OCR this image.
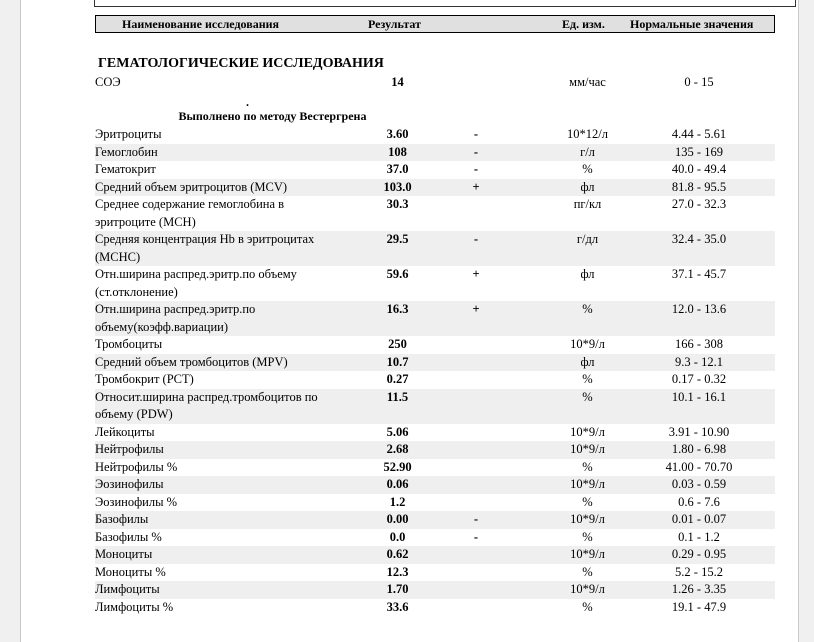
Наименование исследования	Результат	Ед. изм. Нормальные значения
ГЕМАТОЛОГИЧЕСКИЕ ИССЛЕДОВАНИЯ
СОЭ	14	мм/час	0 - 15
.
Выполнено по методу Вестергрена
Эритроциты	3.60	-	10*12/л	4.44 - 5.61
Гемоглобин	108	-	г/л	135 - 169
Гематокрит	37.0	-	%	40.0 - 49.4
Средний объем эритроцитов (MCV)	103.0	+	фл	81.8 - 95.5
Среднее содержание гемоглобина в эритроците (MCH)
30.3	пг/кл	27.0 - 32.3
Средняя концентрация Hb в эритроцитах (MCHC)
29.5	-	г/дл	32.4 - 35.0
Отн.ширина распред.эритр.по объему (ст.отклонение)
59.6	+	фл	37.1 - 45.7
Отн.ширина распред.эритр.по объему(коэфф.вариации)
16.3	+	%	12.0 - 13.6
Тромбоциты	250	10*9/л	166 - 308
Средний объем тромбоцитов (MPV)	10.7	фл	9.3 - 12.1
Тромбокрит (PCT)	0.27	%	0.17 - 0.32
Относит.ширина распред.тромбоцитов по объему (PDW)
11.5	%	10.1 - 16.1
Лейкоциты	5.06	10*9/л	3.91 - 10.90
Нейтрофилы	2.68	10*9/л	1.80 - 6.98
Нейтрофилы %	52.90	%	41.00 - 70.70
Эозинофилы	0.06	10*9/л	0.03 - 0.59
Эозинофилы %	1.2	%	0.6 - 7.6
Базофилы	0.00	-	10*9/л	0.01 - 0.07
Базофилы %	0.0	-	%	0.1 - 1.2
Моноциты	0.62	10*9/л	0.29 - 0.95
Моноциты %	12.3	%	5.2 - 15.2
Лимфоциты	1.70	10*9/л	1.26 - 3.35
Лимфоциты %	33.6	%	19.1 - 47.9
